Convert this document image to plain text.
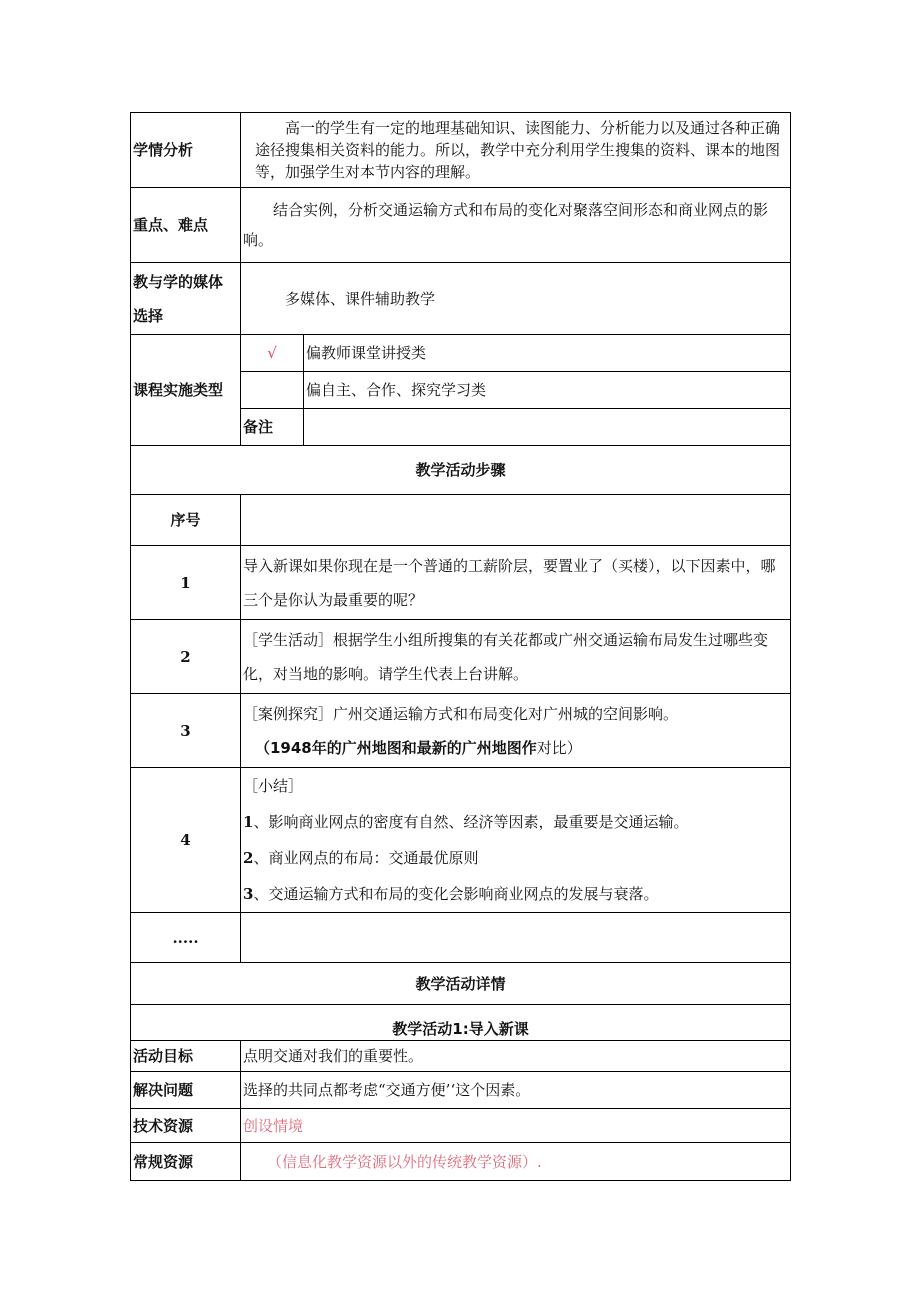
学情分析	高一的学生有一定的地理基础知识、读图能力、分析能力以及通过各种正确途径搜集相关资料的能力。所以，教学中充分利用学生搜集的资料、课本的地图等，加强学生对本节内容的理解。	

重点、难点	结合实例，分析交通运输方式和布局的变化对聚落空间形态和商业网点的影响。	

教与学的媒体
选择	多媒体、课件辅助教学	
课程实施类型	√	偏教师课堂讲授类
		偏自主、合作、探究学习类
	备注	
教学活动步骤		
序号		
1	导入新课如果你现在是一个普通的工薪阶层，要置业了（买楼），以下因素中，哪三个是你认为最重要的呢？	

2	［学生活动］根据学生小组所搜集的有关花都或广州交通运输布局发生过哪些变化，对当地的影响。请学生代表上台讲解。	

3	［案例探究］广州交通运输方式和布局变化对广州城的空间影响。
（1948年的广州地图和最新的广州地图作对比）	

4	［小结］
1、影响商业网点的密度有自然、经济等因素，最重要是交通运输。
2、商业网点的布局：交通最优原则
3、交通运输方式和布局的变化会影响商业网点的发展与衰落。	

.....		
教学活动详情		
教学活动1:导入新课		
活动目标	点明交通对我们的重要性。	
解决问题	选择的共同点都考虑“交通方便’‘这个因素。	
技术资源	创设情境	
常规资源	（信息化教学资源以外的传统教学资源）.	
